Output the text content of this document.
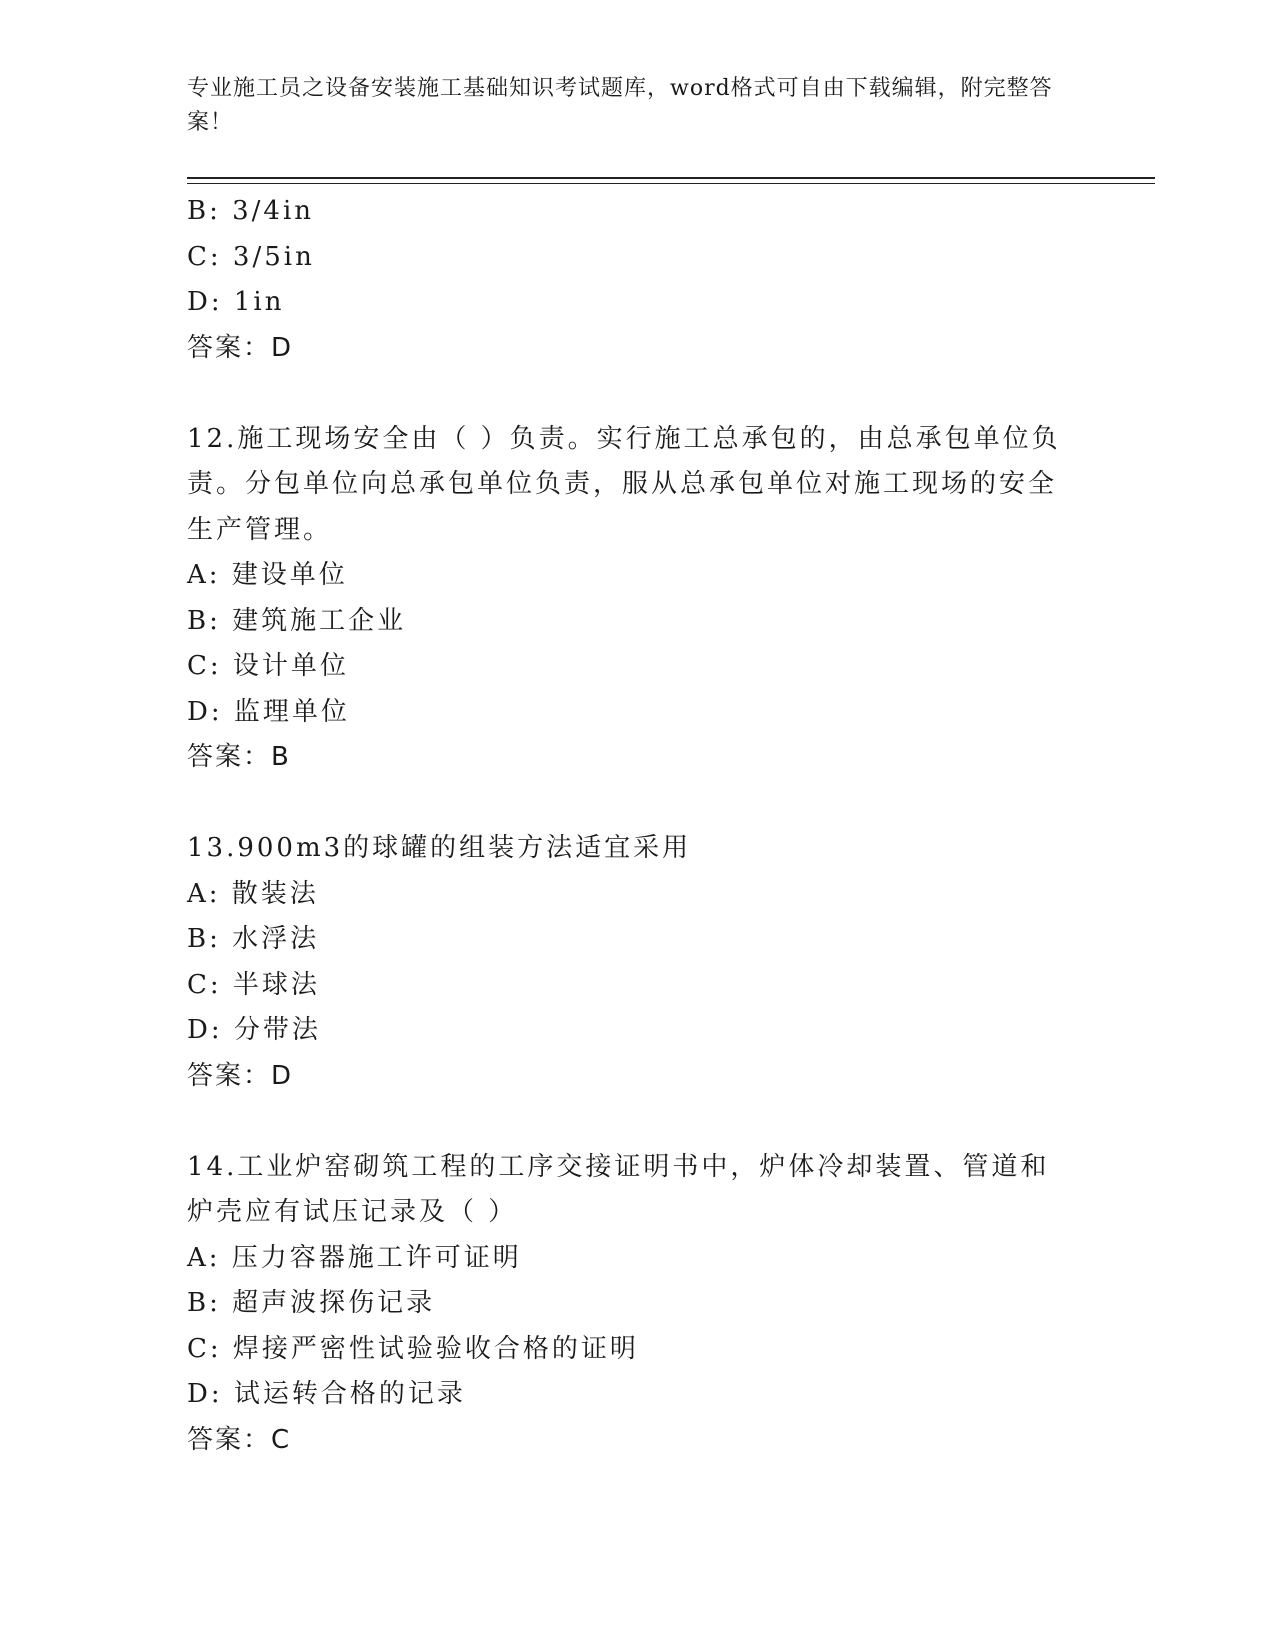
专业施工员之设备安装施工基础知识考试题库，word格式可自由下载编辑，附完整答案！
B: 3/4in
C: 3/5in
D: 1in
答案：D
12.施工现场安全由（ ）负责。实行施工总承包的，由总承包单位负责。分包单位向总承包单位负责，服从总承包单位对施工现场的安全生产管理。
A: 建设单位
B: 建筑施工企业
C: 设计单位
D: 监理单位
答案：B
13.900m3的球罐的组装方法适宜采用
A: 散装法
B: 水浮法
C: 半球法
D: 分带法
答案：D
14.工业炉窑砌筑工程的工序交接证明书中，炉体冷却装置、管道和炉壳应有试压记录及（ ）
A: 压力容器施工许可证明
B: 超声波探伤记录
C: 焊接严密性试验验收合格的证明
D: 试运转合格的记录
答案：C
